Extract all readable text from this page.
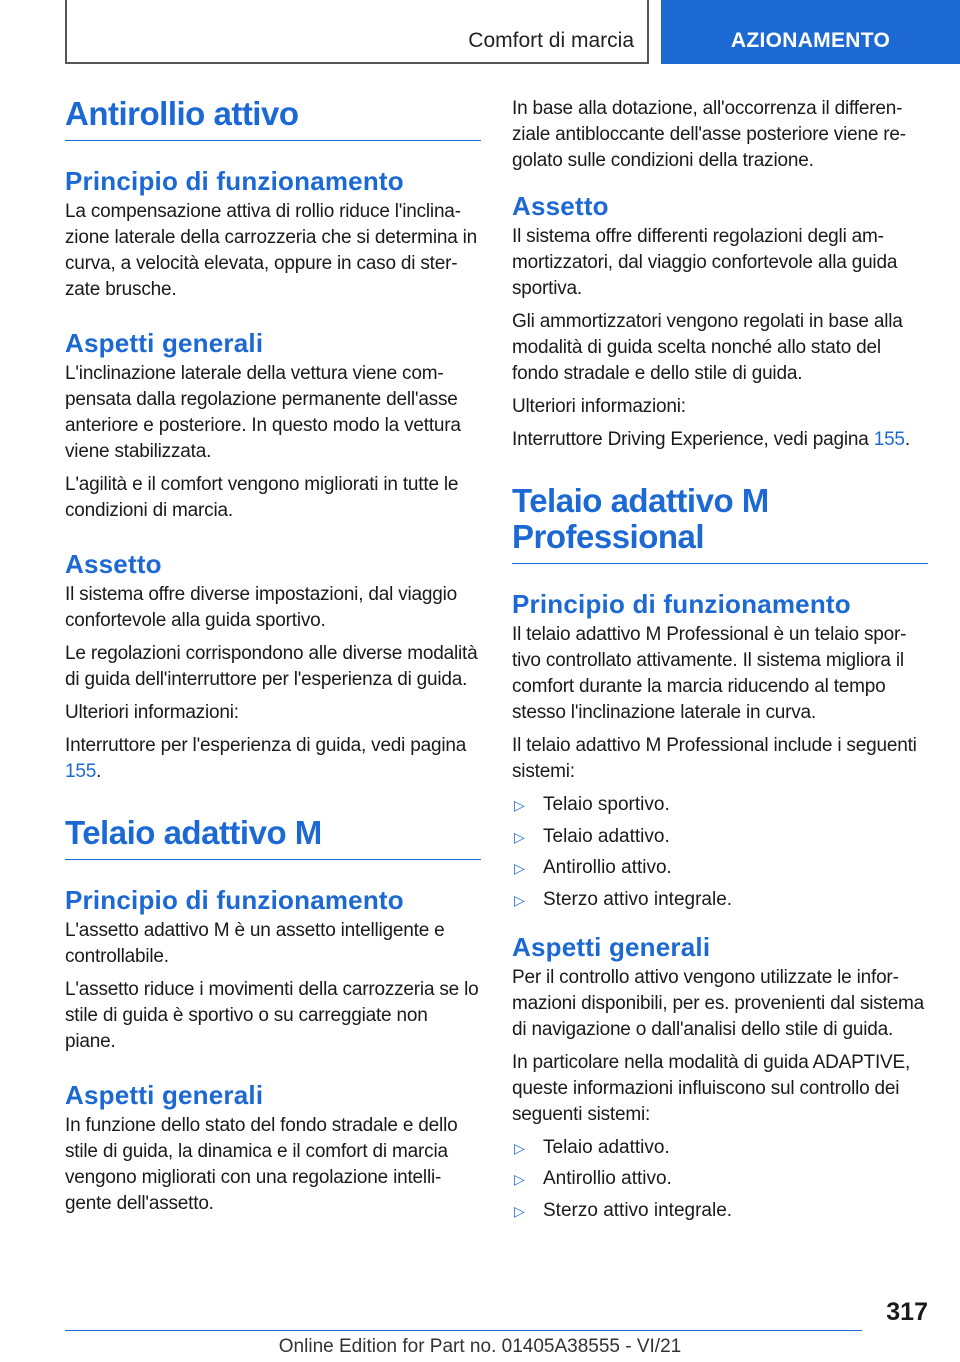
Comfort di marcia	AZIONAMENTO
Antirollio attivo
Principio di funzionamento

La compensazione attiva di rollio riduce l'inclinazione laterale della carrozzeria che si determina in curva, a velocità elevata, oppure in caso di sterzate brusche.

Aspetti generali

L'inclinazione laterale della vettura viene compensata dalla regolazione permanente dell'asse anteriore e posteriore. In questo modo la vettura viene stabilizzata.

L'agilità e il comfort vengono migliorati in tutte le condizioni di marcia.

Assetto

Il sistema offre diverse impostazioni, dal viaggio confortevole alla guida sportivo.

Le regolazioni corrispondono alle diverse modalità di guida dell'interruttore per l'esperienza di guida.

Ulteriori informazioni:

Interruttore per l'esperienza di guida, vedi pagina 155.

Telaio adattivo M
Principio di funzionamento

L'assetto adattivo M è un assetto intelligente e controllabile.

L'assetto riduce i movimenti della carrozzeria se lo stile di guida è sportivo o su carreggiate non piane.

Aspetti generali

In funzione dello stato del fondo stradale e dello stile di guida, la dinamica e il comfort di marcia vengono migliorati con una regolazione intelligente dell'assetto.

In base alla dotazione, all'occorrenza il differenziale antibloccante dell'asse posteriore viene regolato sulle condizioni della trazione.

Assetto

Il sistema offre differenti regolazioni degli ammortizzatori, dal viaggio confortevole alla guida sportiva.

Gli ammortizzatori vengono regolati in base alla modalità di guida scelta nonché allo stato del fondo stradale e dello stile di guida.

Ulteriori informazioni:

Interruttore Driving Experience, vedi pagina 155.

Telaio adattivo M Professional
Principio di funzionamento

Il telaio adattivo M Professional è un telaio sportivo controllato attivamente. Il sistema migliora il comfort durante la marcia riducendo al tempo stesso l'inclinazione laterale in curva.

Il telaio adattivo M Professional include i seguenti sistemi:

▷ Telaio sportivo.
▷ Telaio adattivo.
▷ Antirollio attivo.
▷ Sterzo attivo integrale.
Aspetti generali

Per il controllo attivo vengono utilizzate le informazioni disponibili, per es. provenienti dal sistema di navigazione o dall'analisi dello stile di guida.

In particolare nella modalità di guida ADAPTIVE, queste informazioni influiscono sul controllo dei seguenti sistemi:

▷ Telaio adattivo.
▷ Antirollio attivo.
▷ Sterzo attivo integrale.
317
Online Edition for Part no. 01405A38555 - VI/21
